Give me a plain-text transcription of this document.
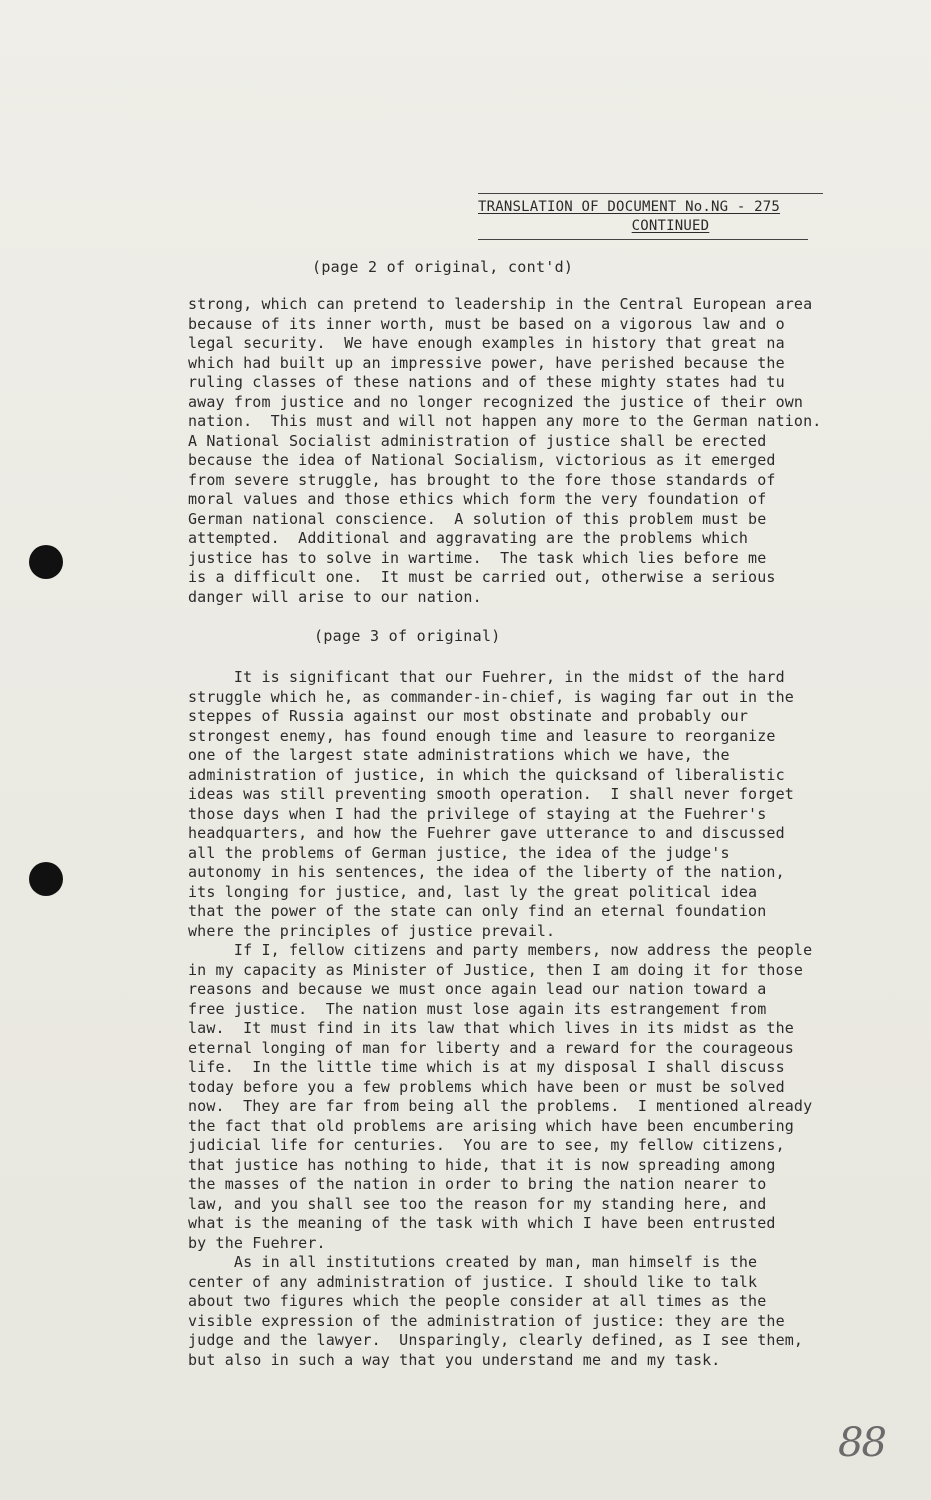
TRANSLATION OF DOCUMENT No.NG - 275
CONTINUED
(page 2 of original, cont'd)
strong, which can pretend to leadership in the Central European area
because of its inner worth, must be based on a vigorous law and o
legal security.  We have enough examples in history that great na
which had built up an impressive power, have perished because the
ruling classes of these nations and of these mighty states had tu
away from justice and no longer recognized the justice of their own
nation.  This must and will not happen any more to the German nation.
A National Socialist administration of justice shall be erected
because the idea of National Socialism, victorious as it emerged
from severe struggle, has brought to the fore those standards of
moral values and those ethics which form the very foundation of
German national conscience.  A solution of this problem must be
attempted.  Additional and aggravating are the problems which
justice has to solve in wartime.  The task which lies before me
is a difficult one.  It must be carried out, otherwise a serious
danger will arise to our nation.
(page 3 of original)
It is significant that our Fuehrer, in the midst of the hard
struggle which he, as commander-in-chief, is waging far out in the
steppes of Russia against our most obstinate and probably our
strongest enemy, has found enough time and leasure to reorganize
one of the largest state administrations which we have, the
administration of justice, in which the quicksand of liberalistic
ideas was still preventing smooth operation.  I shall never forget
those days when I had the privilege of staying at the Fuehrer's
headquarters, and how the Fuehrer gave utterance to and discussed
all the problems of German justice, the idea of the judge's
autonomy in his sentences, the idea of the liberty of the nation,
its longing for justice, and, last ly the great political idea
that the power of the state can only find an eternal foundation
where the principles of justice prevail.
If I, fellow citizens and party members, now address the people
in my capacity as Minister of Justice, then I am doing it for those
reasons and because we must once again lead our nation toward a
free justice.  The nation must lose again its estrangement from
law.  It must find in its law that which lives in its midst as the
eternal longing of man for liberty and a reward for the courageous
life.  In the little time which is at my disposal I shall discuss
today before you a few problems which have been or must be solved
now.  They are far from being all the problems.  I mentioned already
the fact that old problems are arising which have been encumbering
judicial life for centuries.  You are to see, my fellow citizens,
that justice has nothing to hide, that it is now spreading among
the masses of the nation in order to bring the nation nearer to
law, and you shall see too the reason for my standing here, and
what is the meaning of the task with which I have been entrusted
by the Fuehrer.
As in all institutions created by man, man himself is the
center of any administration of justice. I should like to talk
about two figures which the people consider at all times as the
visible expression of the administration of justice: they are the
judge and the lawyer.  Unsparingly, clearly defined, as I see them,
but also in such a way that you understand me and my task.
88
